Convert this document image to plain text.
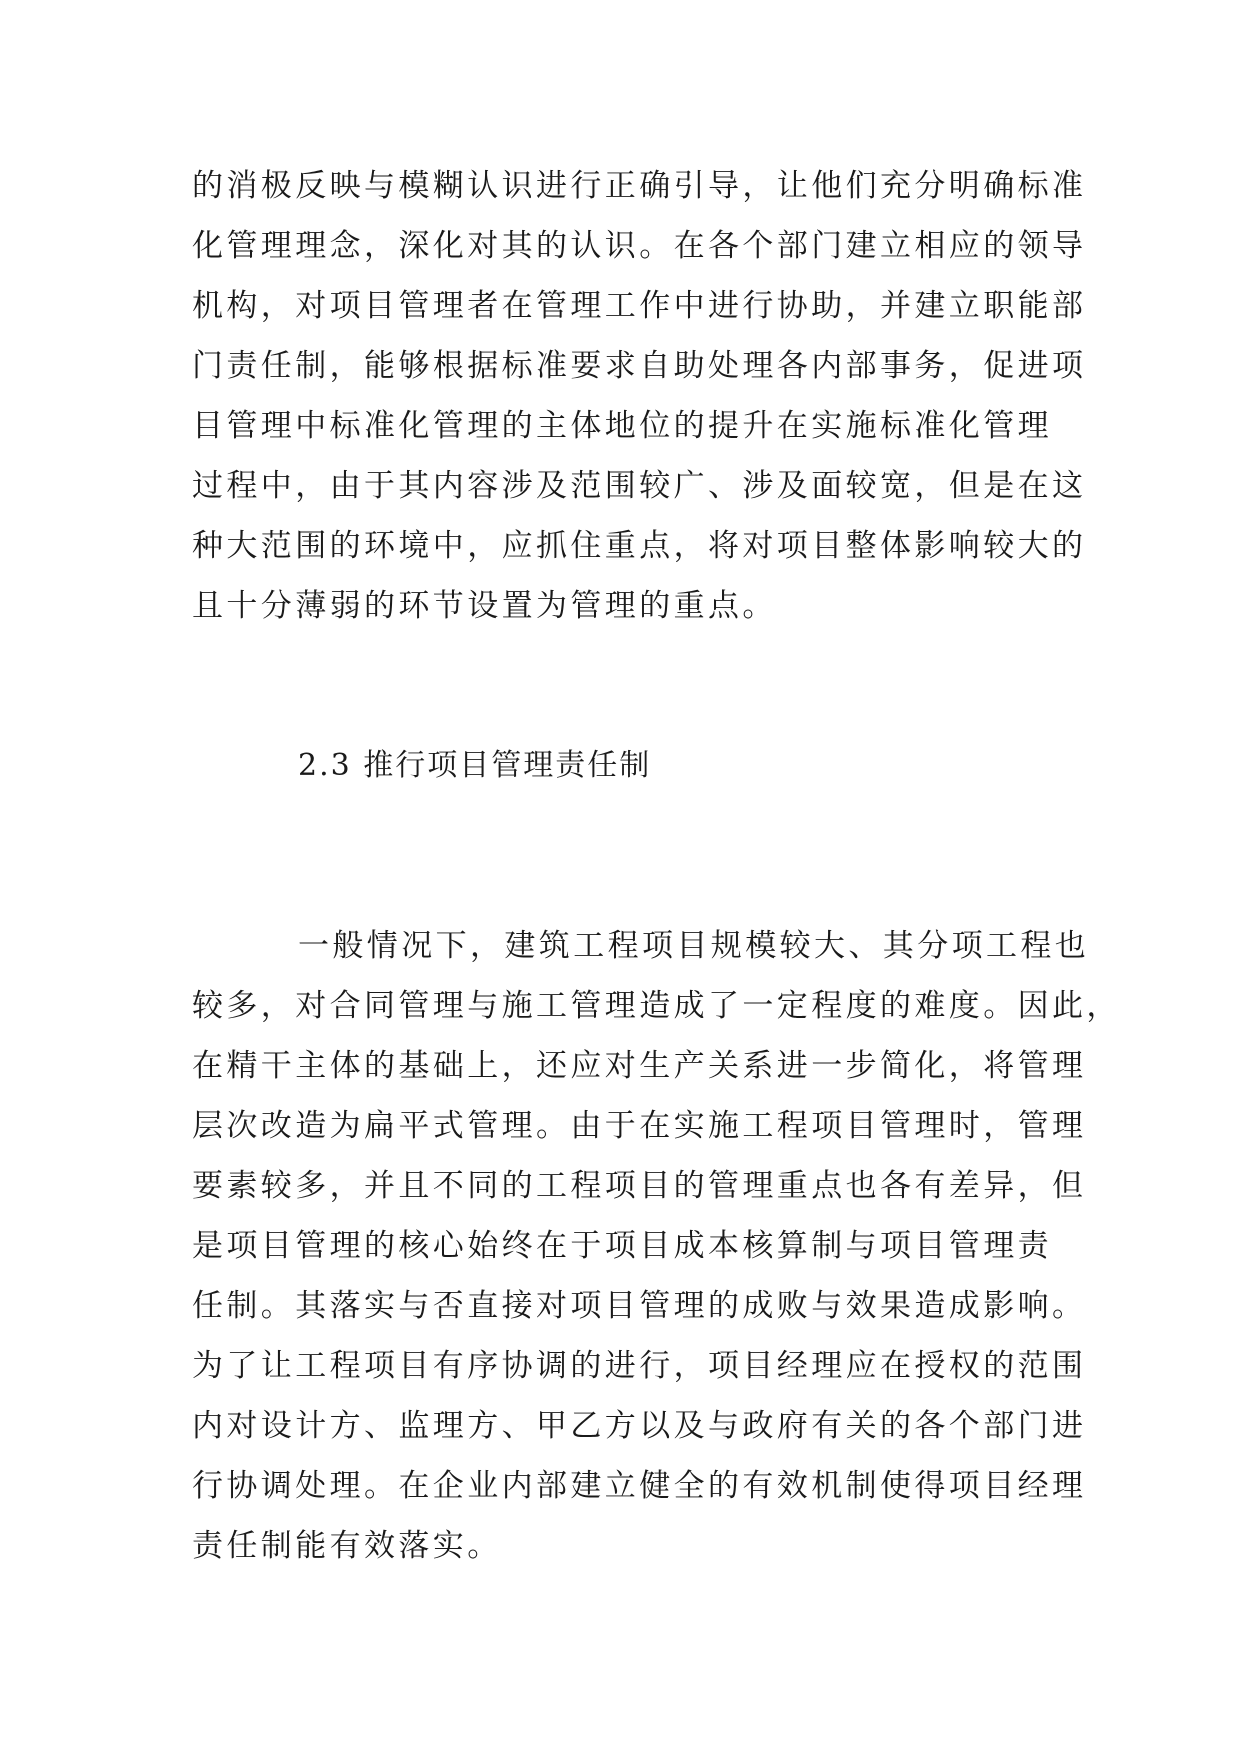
的消极反映与模糊认识进行正确引导，让他们充分明确标准
化管理理念，深化对其的认识。在各个部门建立相应的领导
机构，对项目管理者在管理工作中进行协助，并建立职能部
门责任制，能够根据标准要求自助处理各内部事务，促进项
目管理中标准化管理的主体地位的提升在实施标准化管理
过程中，由于其内容涉及范围较广、涉及面较宽，但是在这
种大范围的环境中，应抓住重点，将对项目整体影响较大的
且十分薄弱的环节设置为管理的重点。
2.3 推行项目管理责任制
一般情况下，建筑工程项目规模较大、其分项工程也
较多，对合同管理与施工管理造成了一定程度的难度。因此，
在精干主体的基础上，还应对生产关系进一步简化，将管理
层次改造为扁平式管理。由于在实施工程项目管理时，管理
要素较多，并且不同的工程项目的管理重点也各有差异，但
是项目管理的核心始终在于项目成本核算制与项目管理责
任制。其落实与否直接对项目管理的成败与效果造成影响。
为了让工程项目有序协调的进行，项目经理应在授权的范围
内对设计方、监理方、甲乙方以及与政府有关的各个部门进
行协调处理。在企业内部建立健全的有效机制使得项目经理
责任制能有效落实。
